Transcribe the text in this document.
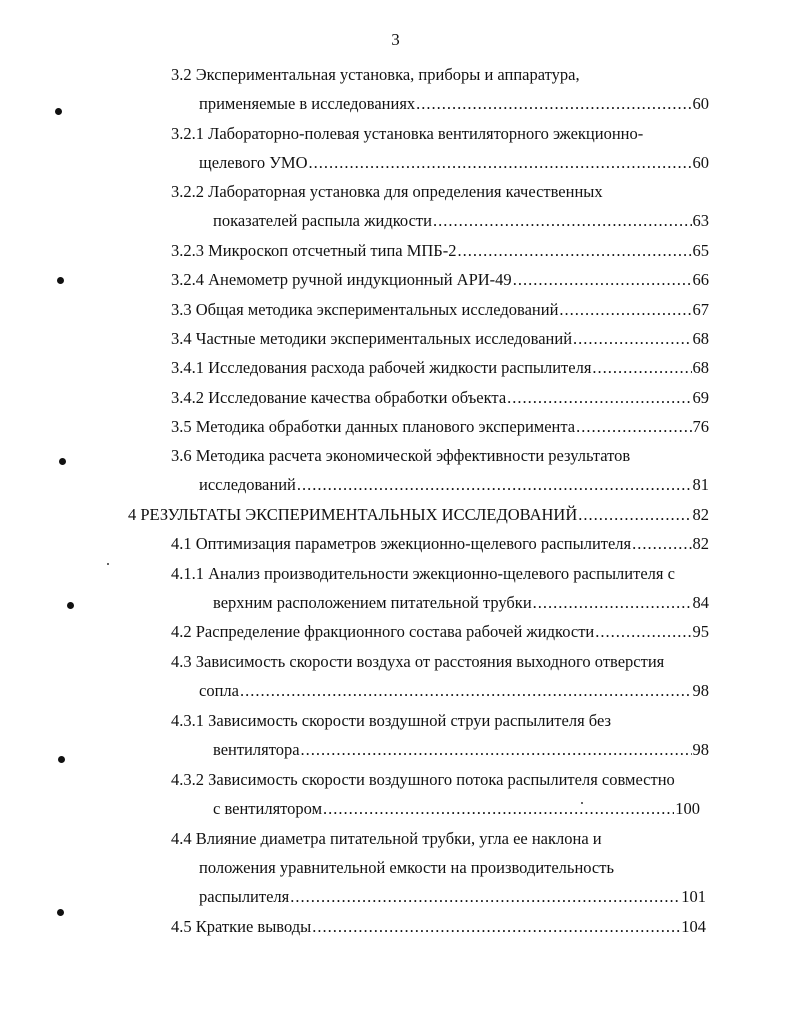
3
3.2 Экспериментальная установка, приборы и аппаратура,
применяемые в исследованиях .....	60
3.2.1 Лабораторно-полевая установка вентиляторного эжекционно-
щелевого УМО .....	60
3.2.2 Лабораторная установка для определения качественных
показателей распыла жидкости .....	63
3.2.3 Микроскоп отсчетный типа МПБ-2 .....	65
3.2.4 Анемометр ручной индукционный АРИ-49 .....	66
3.3 Общая методика экспериментальных исследований .....	67
3.4 Частные методики экспериментальных исследований .....	68
3.4.1 Исследования расхода рабочей жидкости распылителя .....	68
3.4.2 Исследование качества обработки объекта .....	69
3.5 Методика обработки данных планового эксперимента .....	76
3.6 Методика расчета экономической эффективности результатов
исследований .....	81
4 РЕЗУЛЬТАТЫ ЭКСПЕРИМЕНТАЛЬНЫХ ИССЛЕДОВАНИЙ .....	82
4.1 Оптимизация параметров эжекционно-щелевого распылителя .....	82
4.1.1 Анализ производительности эжекционно-щелевого распылителя с
верхним расположением питательной трубки .....	84
4.2 Распределение фракционного состава рабочей жидкости .....	95
4.3 Зависимость скорости воздуха от расстояния выходного отверстия
сопла .....	98
4.3.1 Зависимость скорости воздушной струи распылителя без
вентилятора .....	98
4.3.2 Зависимость скорости воздушного потока распылителя совместно
с вентилятором .....	100
4.4 Влияние диаметра питательной трубки, угла ее наклона и
положения уравнительной емкости на производительность
распылителя .....	101
4.5 Краткие выводы .....	104
